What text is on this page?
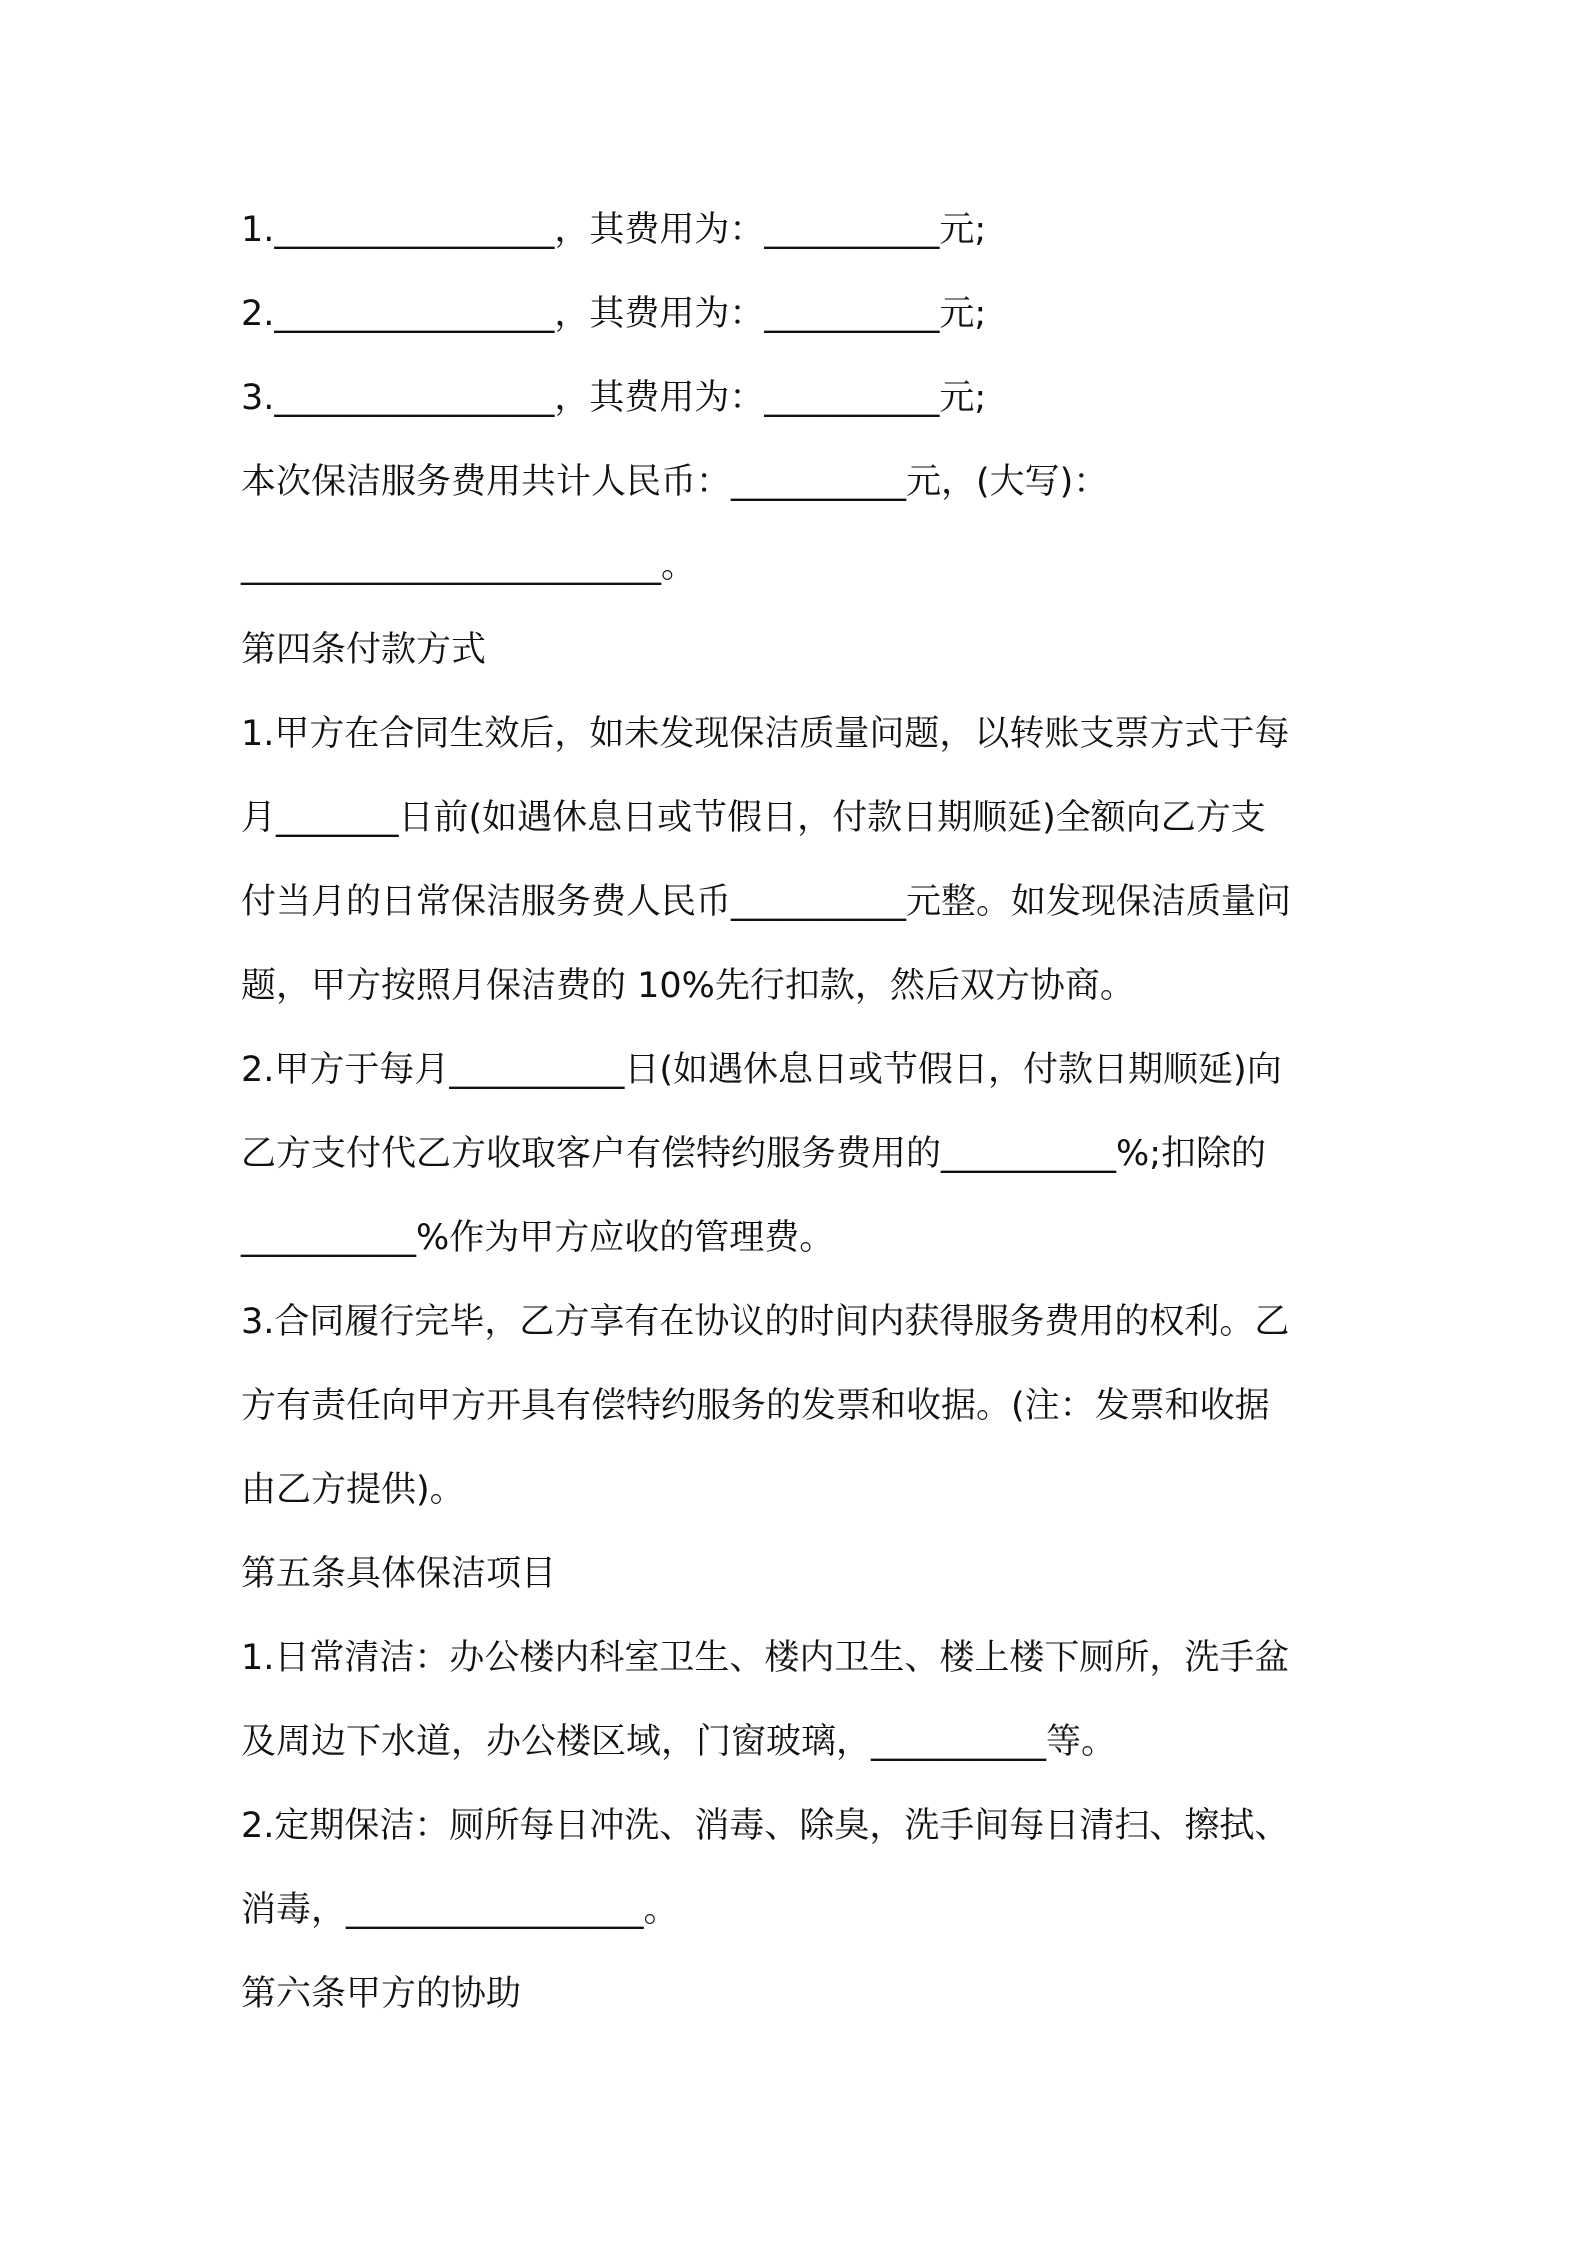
1.________________，其费用为：__________元;
2.________________，其费用为：__________元;
3.________________，其费用为：__________元;
本次保洁服务费用共计人民币：__________元，(大写)：
________________________。
第四条付款方式
1.甲方在合同生效后，如未发现保洁质量问题，以转账支票方式于每
月_______日前(如遇休息日或节假日，付款日期顺延)全额向乙方支
付当月的日常保洁服务费人民币__________元整。如发现保洁质量问
题，甲方按照月保洁费的 10%先行扣款，然后双方协商。
2.甲方于每月__________日(如遇休息日或节假日，付款日期顺延)向
乙方支付代乙方收取客户有偿特约服务费用的__________%;扣除的
__________%作为甲方应收的管理费。
3.合同履行完毕，乙方享有在协议的时间内获得服务费用的权利。乙
方有责任向甲方开具有偿特约服务的发票和收据。(注：发票和收据
由乙方提供)。
第五条具体保洁项目
1.日常清洁：办公楼内科室卫生、楼内卫生、楼上楼下厕所，洗手盆
及周边下水道，办公楼区域，门窗玻璃，__________等。
2.定期保洁：厕所每日冲洗、消毒、除臭，洗手间每日清扫、擦拭、
消毒，_________________。
第六条甲方的协助
